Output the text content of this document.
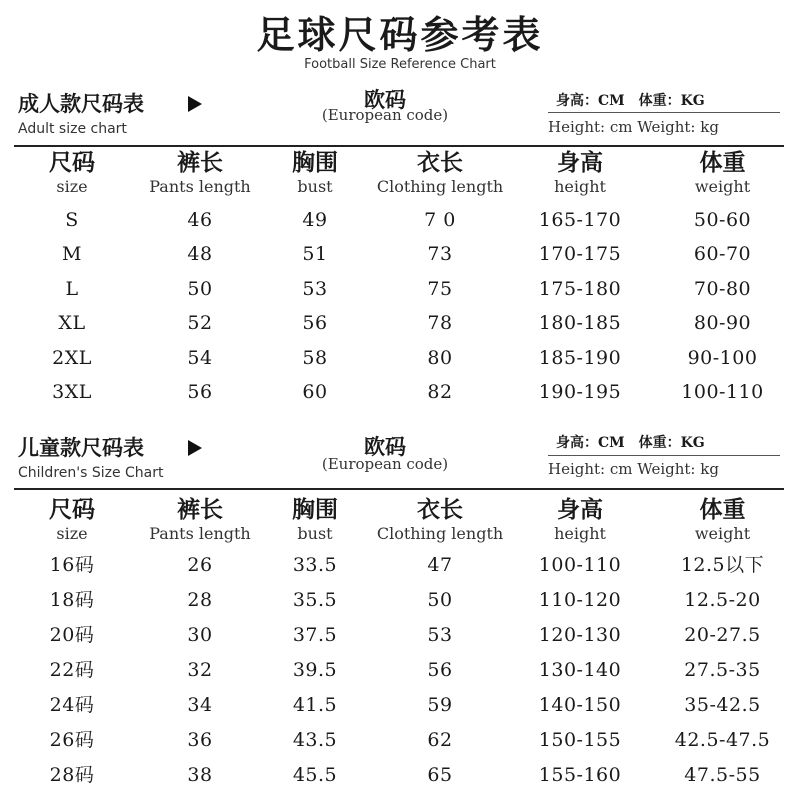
足球尺码参考表
Football Size Reference Chart
成人款尺码表
Adult size chart
欧码
(European code)
身高：CM　体重：KG
Height: cm Weight: kg
尺码
size
裤长
Pants length
胸围
bust
衣长
Clothing length
身高
height
体重
weight
S	46	49	7 0	165-170	50-60
M	48	51	73	170-175	60-70
L	50	53	75	175-180	70-80
XL	52	56	78	180-185	80-90
2XL	54	58	80	185-190	90-100
3XL	56	60	82	190-195	100-110
儿童款尺码表
Children's Size Chart
欧码
(European code)
身高：CM　体重：KG
Height: cm Weight: kg
尺码
size
裤长
Pants length
胸围
bust
衣长
Clothing length
身高
height
体重
weight
16码	26	33.5	47	100-110	12.5以下
18码	28	35.5	50	110-120	12.5-20
20码	30	37.5	53	120-130	20-27.5
22码	32	39.5	56	130-140	27.5-35
24码	34	41.5	59	140-150	35-42.5
26码	36	43.5	62	150-155	42.5-47.5
28码	38	45.5	65	155-160	47.5-55
